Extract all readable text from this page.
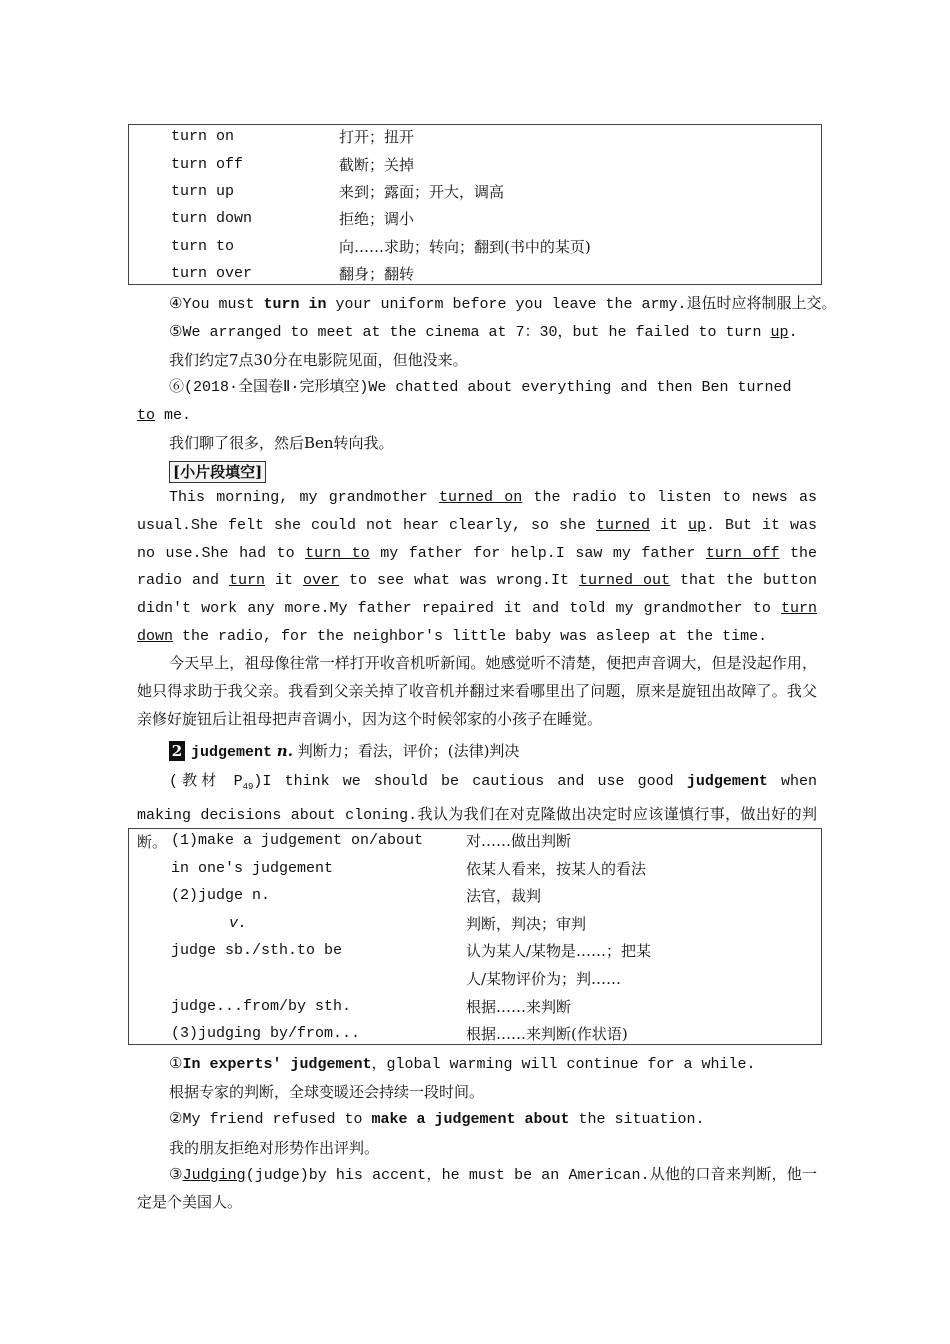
turn on	打开；扭开
turn off	截断；关掉
turn up	来到；露面；开大，调高
turn down	拒绝；调小
turn to	向……求助；转向；翻到(书中的某页)
turn over	翻身；翻转
④You must turn in your uniform before you leave the army.退伍时应将制服上交。
⑤We arranged to meet at the cinema at 7：30，but he failed to turn up.
我们约定7点30分在电影院见面，但他没来。
⑥(2018·全国卷Ⅱ·完形填空)We chatted about everything and then Ben turned
to me.
我们聊了很多，然后Ben转向我。
[小片段填空]
This morning, my grandmother turned on the radio to listen to news as usual.She felt she could not hear clearly, so she turned it up. But it was no use.She had to turn to my father for help.I saw my father turn off the radio and turn it over to see what was wrong.It turned out that the button didn't work any more.My father repaired it and told my grandmother to turn down the radio, for the neighbor's little baby was asleep at the time.
今天早上，祖母像往常一样打开收音机听新闻。她感觉听不清楚，便把声音调大，但是没起作用，她只得求助于我父亲。我看到父亲关掉了收音机并翻过来看哪里出了问题，原来是旋钮出故障了。我父亲修好旋钮后让祖母把声音调小，因为这个时候邻家的小孩子在睡觉。
2 judgement n. 判断力；看法，评价；(法律)判决
(教材 $P_{49})I$ think we should be cautious and use good judgement when making decisions about cloning.我认为我们在对克隆做出决定时应该谨慎行事，做出好的判断。 (1)make a judgement on/about	对……做出判断
in one's judgement	依某人看来，按某人的看法
(2)judge n.	法官，裁判
v.	判断，判决；审判
judge sb./sth.to be	认为某人/某物是……；把某
人/某物评价为；判……
judge...from/by sth.	根据……来判断
(3)judging by/from...	根据……来判断(作状语)
①In experts' judgement，global warming will continue for a while.
根据专家的判断，全球变暖还会持续一段时间。
②My friend refused to make a judgement about the situation.
我的朋友拒绝对形势作出评判。
③Judging(judge)by his accent，he must be an American.从他的口音来判断，他一定是个美国人。
